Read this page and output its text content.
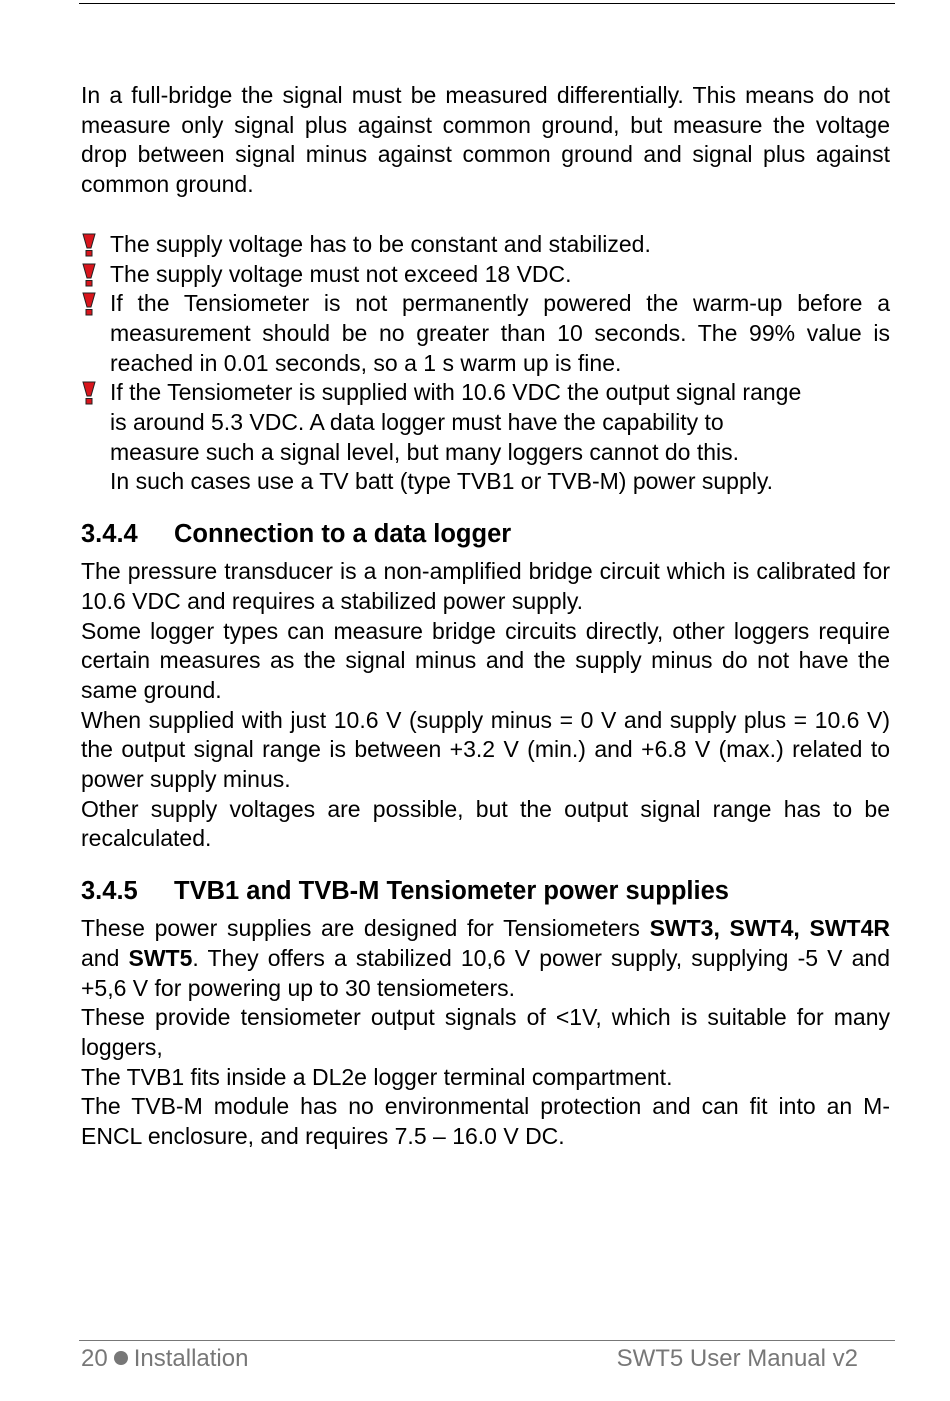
In a full-bridge the signal must be measured differentially. This means do not measure only signal plus against common ground, but measure the voltage drop between signal minus against common ground and signal plus against common ground.

The supply voltage has to be constant and stabilized.
The supply voltage must not exceed 18 VDC.
If the Tensiometer is not permanently powered the warm-up before a measurement should be no greater than 10 seconds. The 99% value is reached in 0.01 seconds, so a 1 s warm up is fine.
If the Tensiometer is supplied with 10.6 VDC the output signal range
is around 5.3 VDC. A data logger must have the capability to
measure such a signal level, but many loggers cannot do this.
In such cases use a TV batt (type TVB1 or TVB-M) power supply.
3.4.4 Connection to a data logger

The pressure transducer is a non-amplified bridge circuit which is calibrated for 10.6 VDC and requires a stabilized power supply.

Some logger types can measure bridge circuits directly, other loggers require certain measures as the signal minus and the supply minus do not have the same ground.

When supplied with just 10.6 V (supply minus = 0 V and supply plus = 10.6 V) the output signal range is between +3.2 V (min.) and +6.8 V (max.) related to power supply minus.

Other supply voltages are possible, but the output signal range has to be recalculated.

3.4.5 TVB1 and TVB-M Tensiometer power supplies

These power supplies are designed for Tensiometers SWT3, SWT4, SWT4R and SWT5. They offers a stabilized 10,6 V power supply, supplying -5 V and +5,6 V for powering up to 30 tensiometers.

These provide tensiometer output signals of <1V, which is suitable for many loggers,

The TVB1 fits inside a DL2e logger terminal compartment.

The TVB-M module has no environmental protection and can fit into an M-ENCL enclosure, and requires 7.5 – 16.0 V DC.

20 Installation	SWT5 User Manual v2
